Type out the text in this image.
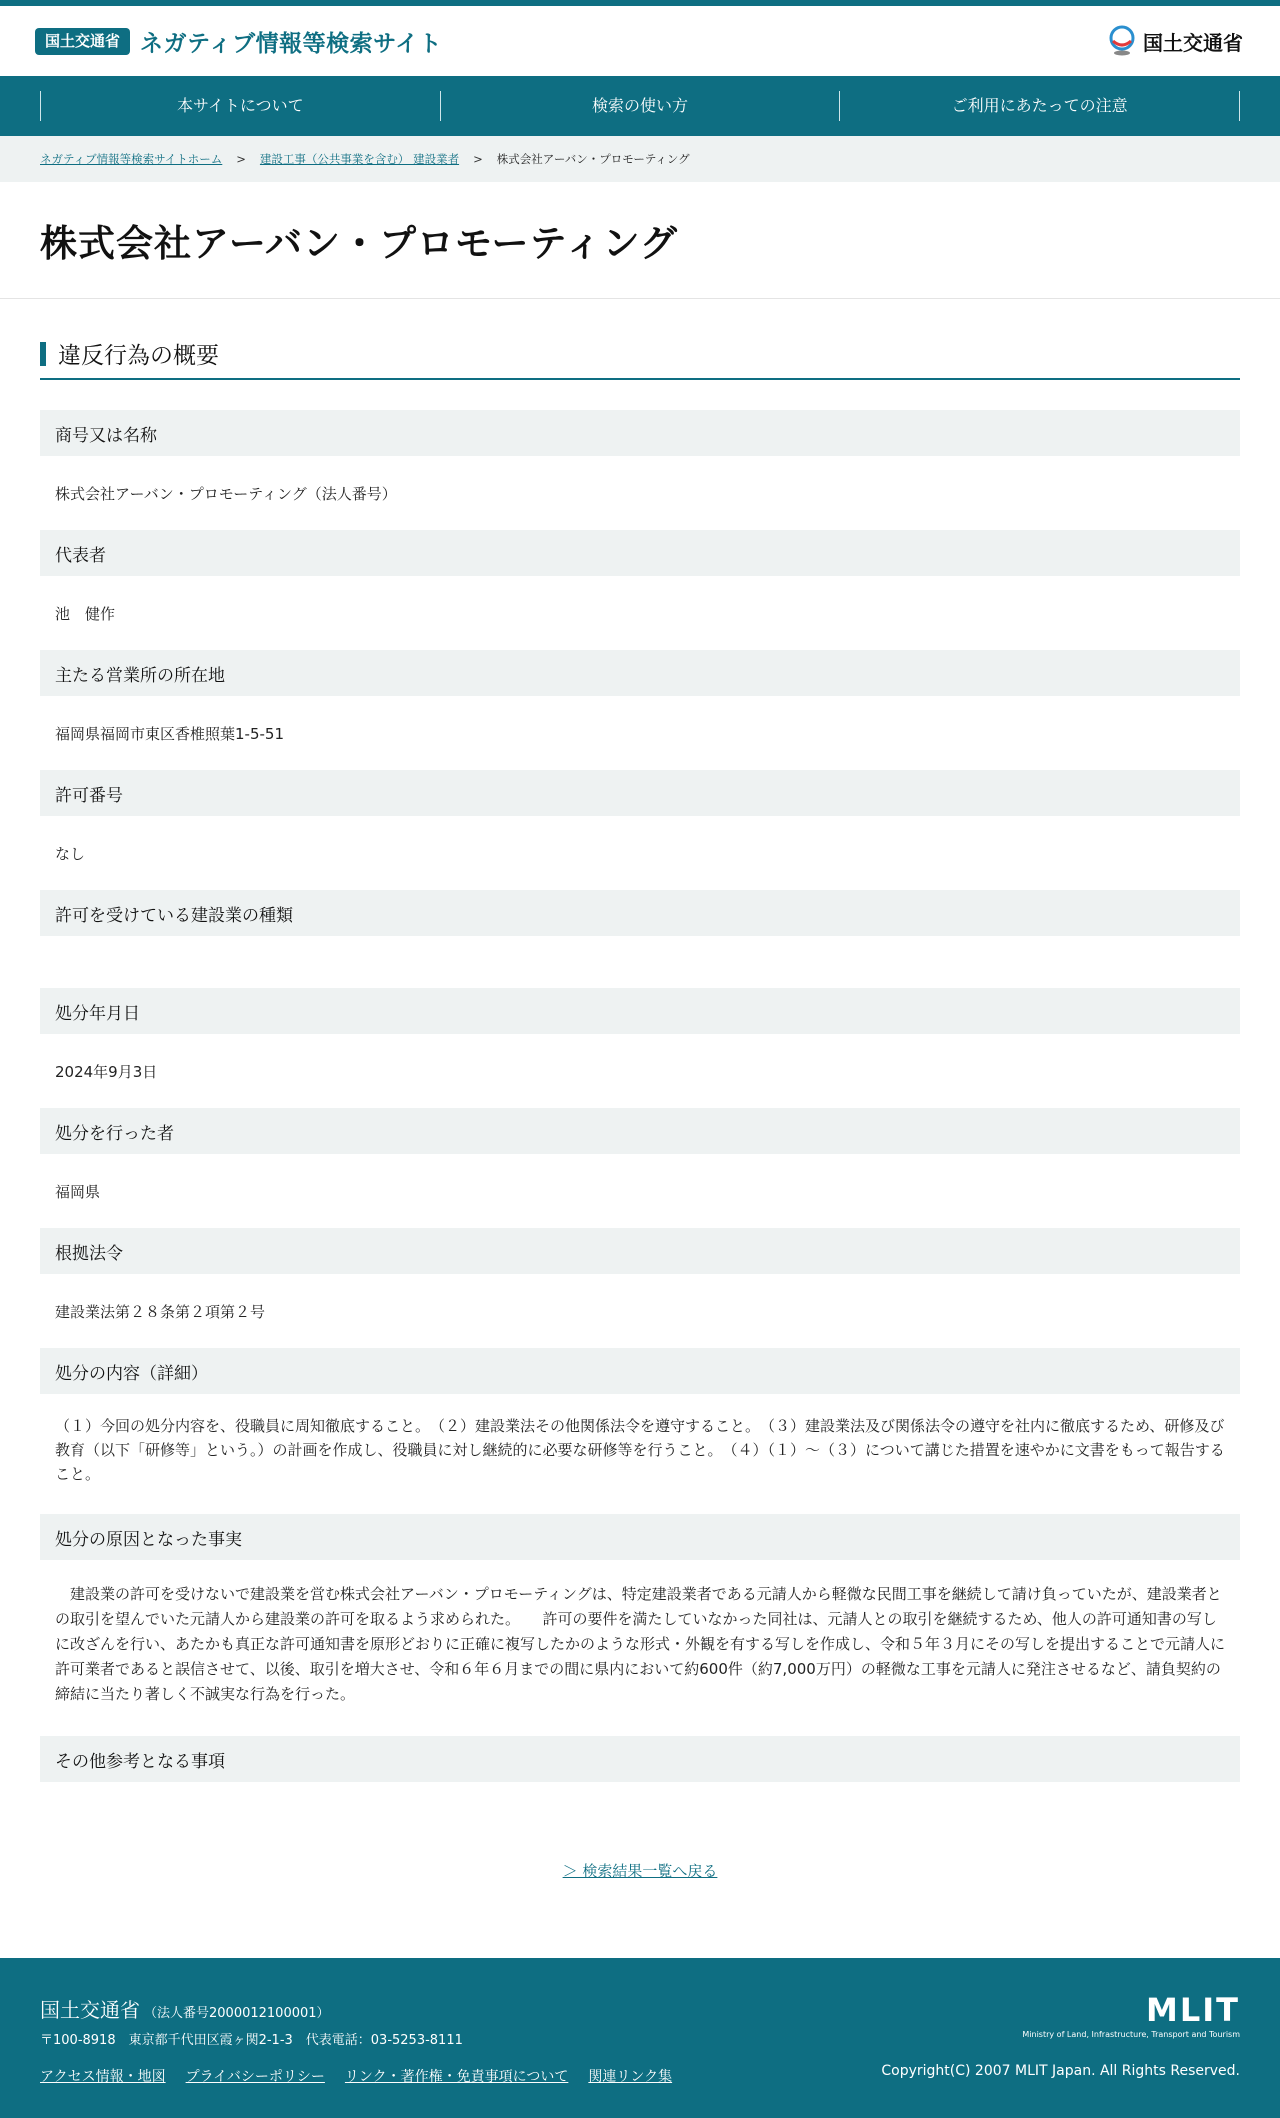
国土交通省 ネガティブ情報等検索サイト	国土交通省
本サイトについて	検索の使い方	ご利用にあたっての注意
ネガティブ情報等検索サイトホーム > 建設工事（公共事業を含む） 建設業者 > 株式会社アーバン・プロモーティング
株式会社アーバン・プロモーティング
違反行為の概要
商号又は名称
株式会社アーバン・プロモーティング（法人番号）
代表者
池　健作
主たる営業所の所在地
福岡県福岡市東区香椎照葉1-5-51
許可番号
なし
許可を受けている建設業の種類
処分年月日
2024年9月3日
処分を行った者
福岡県
根拠法令
建設業法第２８条第２項第２号
処分の内容（詳細）
（１）今回の処分内容を、役職員に周知徹底すること。　（２）建設業法その他関係法令を遵守すること。　（３）建設業法及び関係法令の遵守を社内に徹底するため、研修及び教育（以下「研修等」という。）の計画を作成し、役職員に対し継続的に必要な研修等を行うこと。　（４）（１）～（３）について講じた措置を速やかに文書をもって報告すること。
処分の原因となった事実
　建設業の許可を受けないで建設業を営む株式会社アーバン・プロモーティングは、特定建設業者である元請人から軽微な民間工事を継続して請け負っていたが、建設業者との取引を望んでいた元請人から建設業の許可を取るよう求められた。　　許可の要件を満たしていなかった同社は、元請人との取引を継続するため、他人の許可通知書の写しに改ざんを行い、あたかも真正な許可通知書を原形どおりに正確に複写したかのような形式・外観を有する写しを作成し、令和５年３月にその写しを提出することで元請人に許可業者であると誤信させて、以後、取引を増大させ、令和６年６月までの間に県内において約600件（約7,000万円）の軽微な工事を元請人に発注させるなど、請負契約の締結に当たり著しく不誠実な行為を行った。
その他参考となる事項
＞ 検索結果一覧へ戻る
国土交通省 （法人番号2000012100001）
〒100-8918　東京都千代田区霞ヶ関2-1-3　代表電話：03-5253-8111
アクセス情報・地図 プライバシーポリシー リンク・著作権・免責事項について 関連リンク集
MLIT
Ministry of Land, Infrastructure, Transport and Tourism
Copyright(C) 2007 MLIT Japan. All Rights Reserved.
